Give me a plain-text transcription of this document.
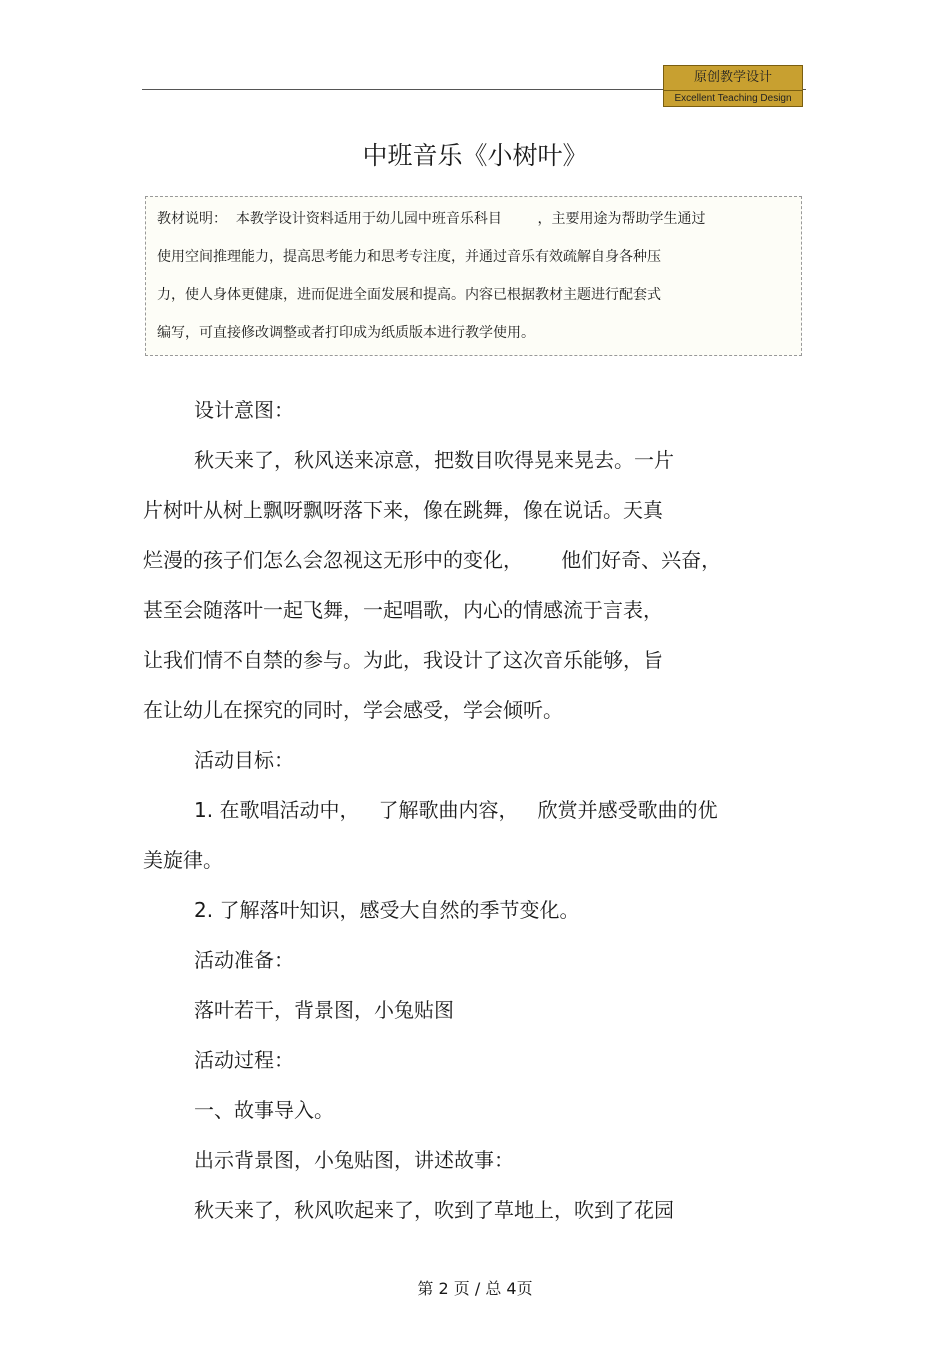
原创教学设计
Excellent Teaching Design
中班音乐《小树叶》
教材说明：  本教学设计资料适用于幼儿园中班音乐科目        ，主要用途为帮助学生通过
使用空间推理能力，提高思考能力和思考专注度，并通过音乐有效疏解自身各种压
力，使人身体更健康，进而促进全面发展和提高。内容已根据教材主题进行配套式
编写，可直接修改调整或者打印成为纸质版本进行教学使用。
设计意图：
秋天来了，秋风送来凉意，把数目吹得晃来晃去。一片
片树叶从树上飘呀飘呀落下来，像在跳舞，像在说话。天真
烂漫的孩子们怎么会忽视这无形中的变化，      他们好奇、兴奋，
甚至会随落叶一起飞舞，一起唱歌，内心的情感流于言表，
让我们情不自禁的参与。为此，我设计了这次音乐能够，旨
在让幼儿在探究的同时，学会感受，学会倾听。
活动目标：
1. 在歌唱活动中，   了解歌曲内容，   欣赏并感受歌曲的优
美旋律。
2. 了解落叶知识，感受大自然的季节变化。
活动准备：
落叶若干，背景图，小兔贴图
活动过程：
一、故事导入。
出示背景图，小兔贴图，讲述故事：
秋天来了，秋风吹起来了，吹到了草地上，吹到了花园
第 2 页 / 总 4页
